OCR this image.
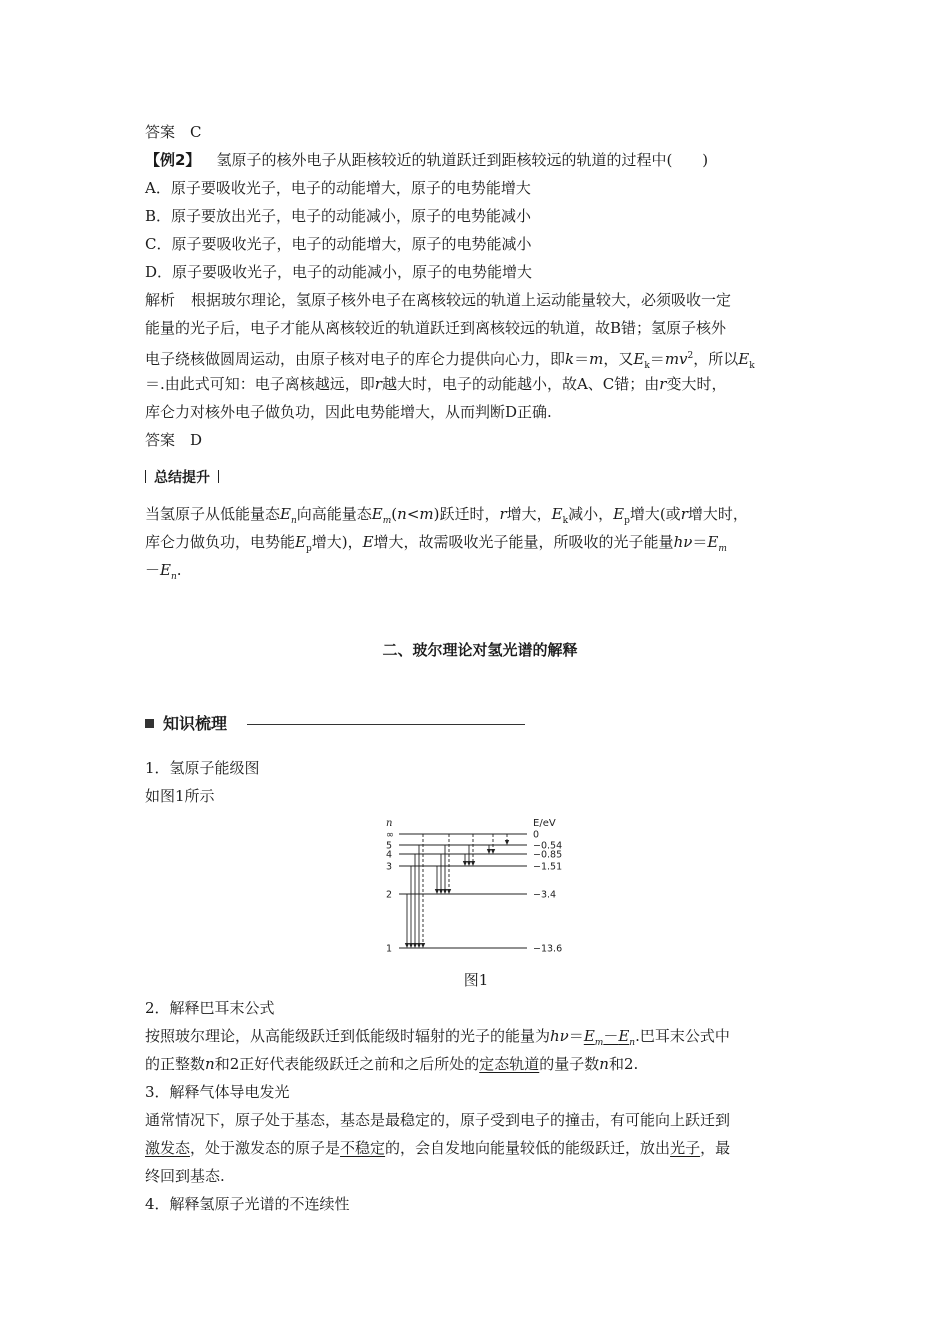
答案　C
【例2】 氢原子的核外电子从距核较近的轨道跃迁到距核较远的轨道的过程中(　　)
A．原子要吸收光子，电子的动能增大，原子的电势能增大
B．原子要放出光子，电子的动能减小，原子的电势能减小
C．原子要吸收光子，电子的动能增大，原子的电势能减小
D．原子要吸收光子，电子的动能减小，原子的电势能增大
解析 根据玻尔理论，氢原子核外电子在离核较远的轨道上运动能量较大，必须吸收一定
能量的光子后，电子才能从离核较近的轨道跃迁到离核较远的轨道，故B错；氢原子核外
电子绕核做圆周运动，由原子核对电子的库仑力提供向心力，即k＝m，又$E_k=mv^2$，所以$E_k$
＝.由此式可知：电子离核越远，即r越大时，电子的动能越小，故A、C错；由r变大时，
库仑力对核外电子做负功，因此电势能增大，从而判断D正确.
答案　D
总结提升
当氢原子从低能量态$E_n$向高能量态$E_m(n<m)$跃迁时，r增大，$E_k$减小，$E_p$增大(或r增大时，
库仑力做负功，电势能$E_p$增大)，E增大，故需吸收光子能量，所吸收的光子能量$h\nu=E_m$
$-E_n$.
二、玻尔理论对氢光谱的解释
知识梳理
1．氢原子能级图
如图1所示
n	E/eV
∞	0
5	−0.54
4	−0.85
3	−1.51
2	−3.4
1	−13.6
图1
2．解释巴耳末公式
按照玻尔理论，从高能级跃迁到低能级时辐射的光子的能量为$h\nu=E_m-E_n$.巴耳末公式中
的正整数n和2正好代表能级跃迁之前和之后所处的定态轨道的量子数n和2.
3．解释气体导电发光
通常情况下，原子处于基态，基态是最稳定的，原子受到电子的撞击，有可能向上跃迁到
激发态，处于激发态的原子是不稳定的，会自发地向能量较低的能级跃迁，放出光子，最
终回到基态.
4．解释氢原子光谱的不连续性
